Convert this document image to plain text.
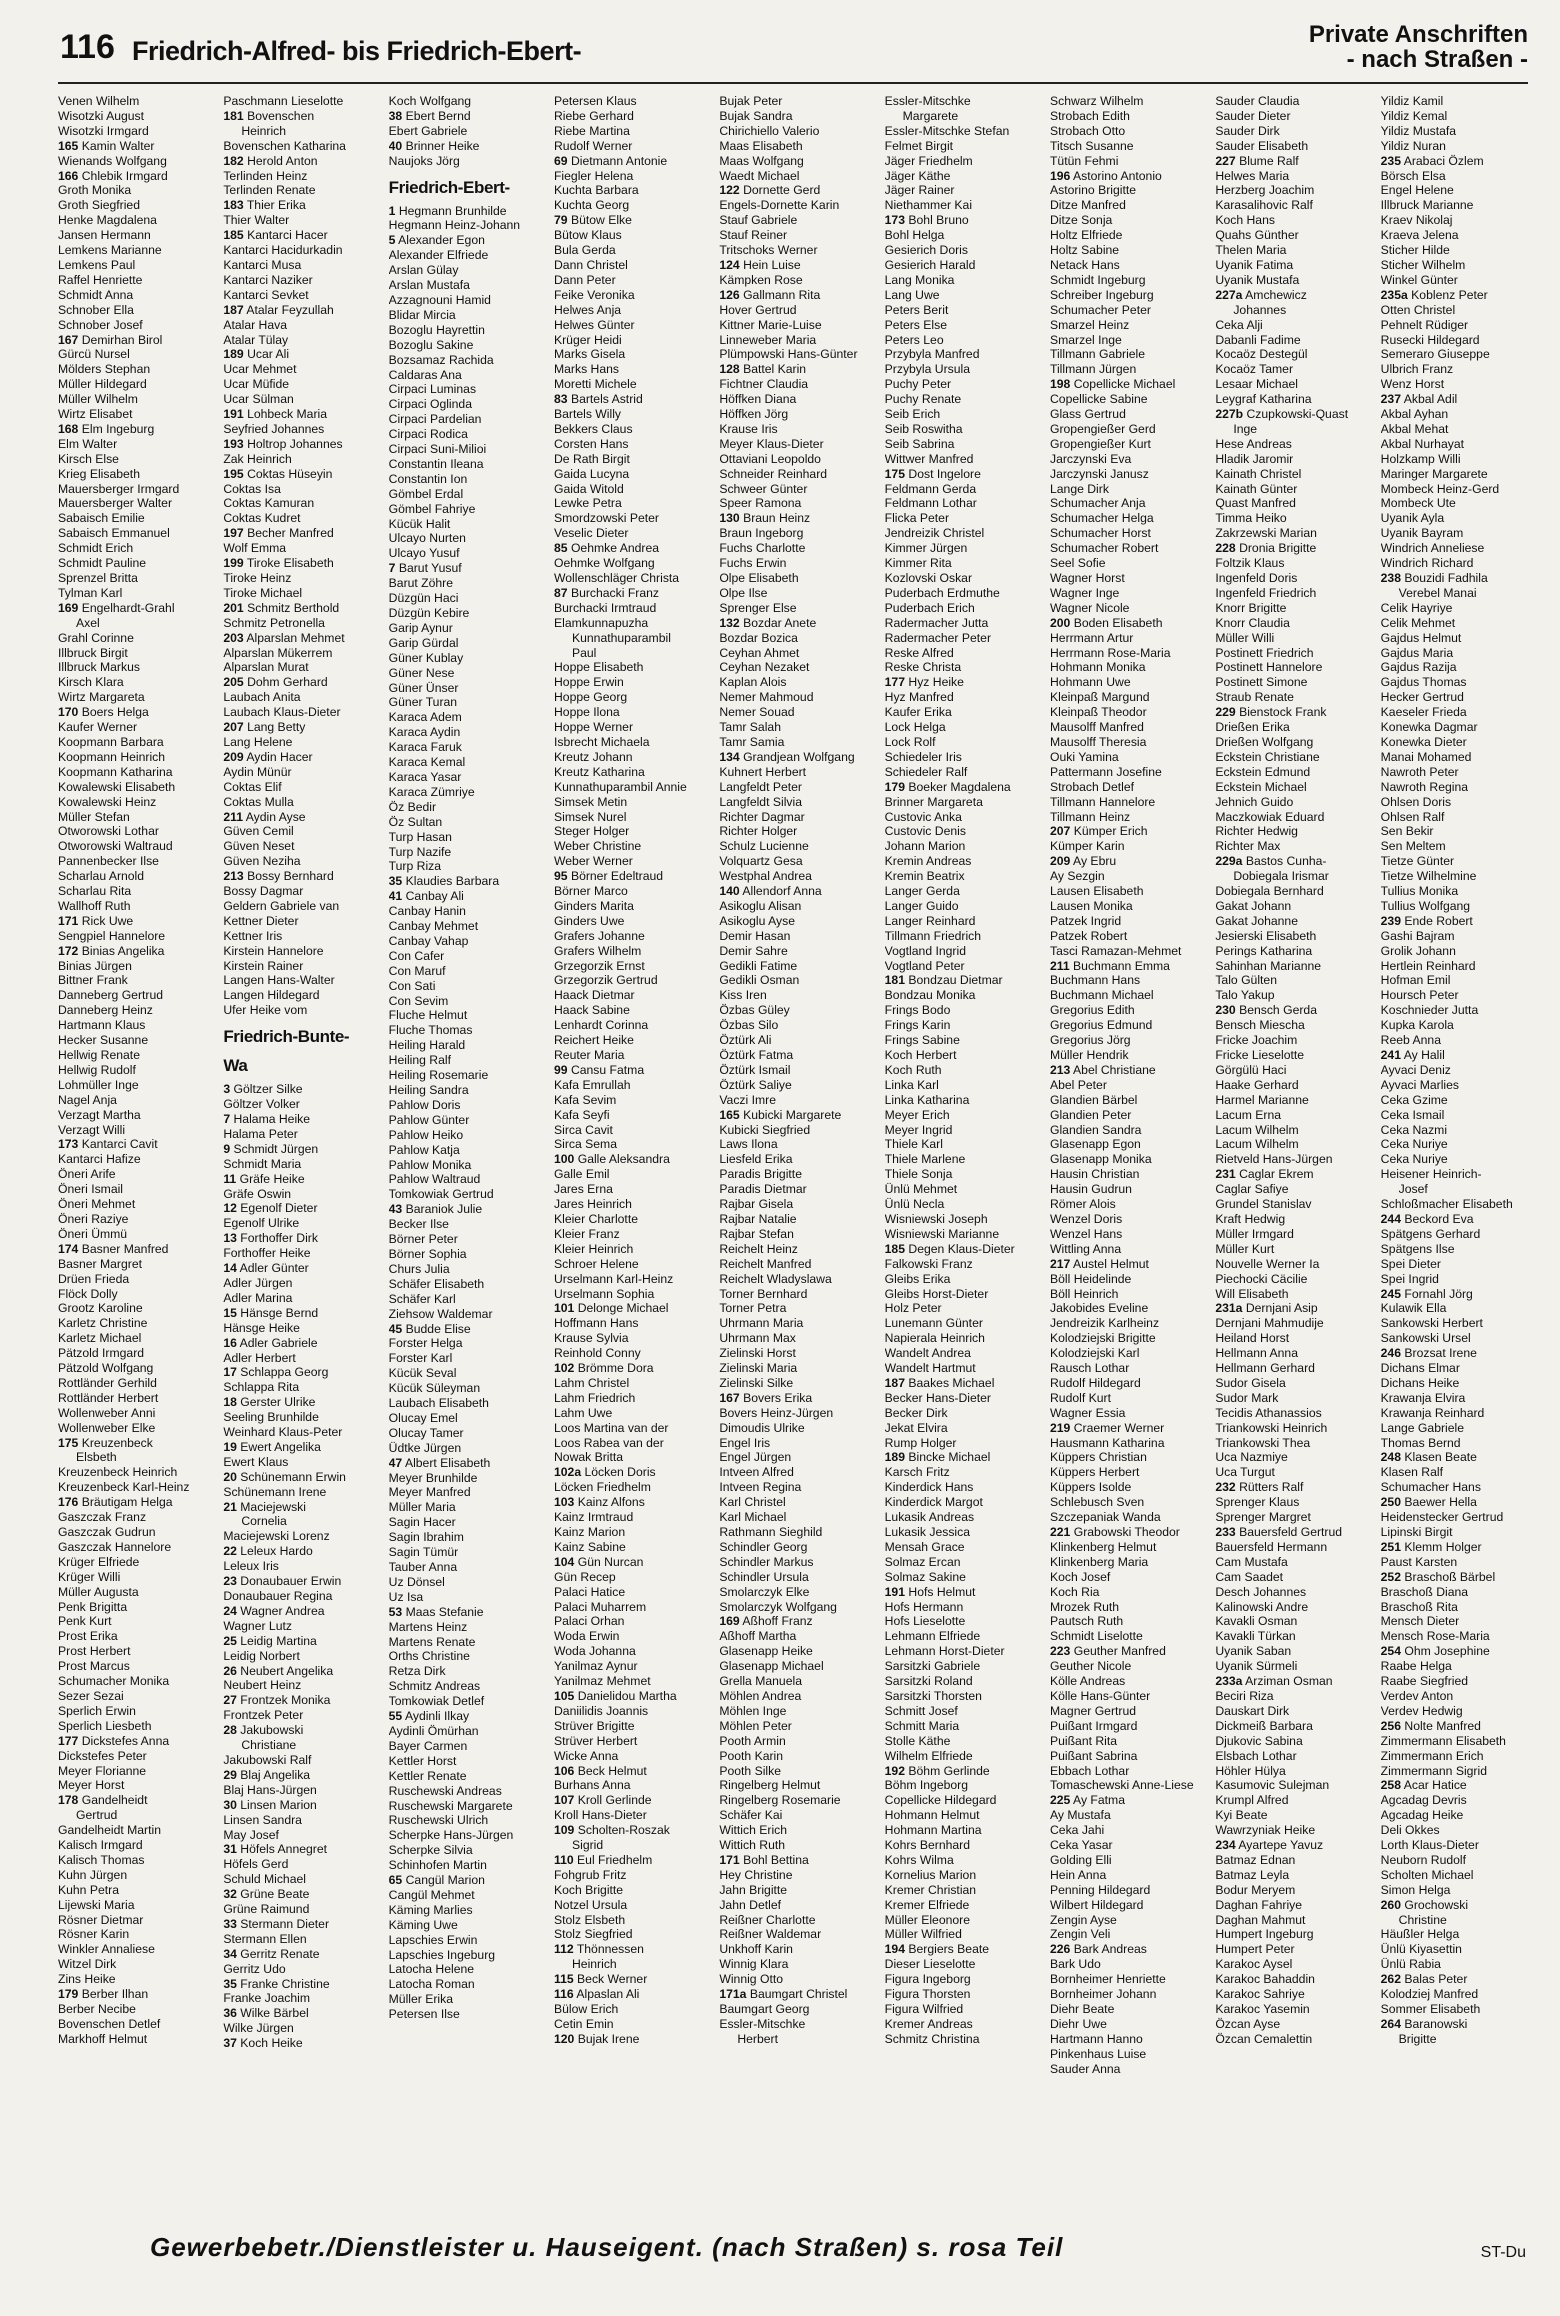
116 Friedrich-Alfred- bis Friedrich-Ebert-
Private Anschriften
- nach Straßen -
Venen Wilhelm
Wisotzki August
Wisotzki Irmgard
165 Kamin Walter
Wienands Wolfgang
166 Chlebik Irmgard
Groth Monika
Groth Siegfried
Henke Magdalena
Jansen Hermann
Lemkens Marianne
Lemkens Paul
Raffel Henriette
Schmidt Anna
Schnober Ella
Schnober Josef
167 Demirhan Birol
Gürcü Nursel
Mölders Stephan
Müller Hildegard
Müller Wilhelm
Wirtz Elisabet
168 Elm Ingeburg
Elm Walter
Kirsch Else
Krieg Elisabeth
Mauersberger Irmgard
Mauersberger Walter
Sabaisch Emilie
Sabaisch Emmanuel
Schmidt Erich
Schmidt Pauline
Sprenzel Britta
Tylman Karl
169 Engelhardt-Grahl
Axel
Grahl Corinne
Illbruck Birgit
Illbruck Markus
Kirsch Klara
Wirtz Margareta
170 Boers Helga
Kaufer Werner
Koopmann Barbara
Koopmann Heinrich
Koopmann Katharina
Kowalewski Elisabeth
Kowalewski Heinz
Müller Stefan
Otworowski Lothar
Otworowski Waltraud
Pannenbecker Ilse
Scharlau Arnold
Scharlau Rita
Wallhoff Ruth
171 Rick Uwe
Sengpiel Hannelore
172 Binias Angelika
Binias Jürgen
Bittner Frank
Danneberg Gertrud
Danneberg Heinz
Hartmann Klaus
Hecker Susanne
Hellwig Renate
Hellwig Rudolf
Lohmüller Inge
Nagel Anja
Verzagt Martha
Verzagt Willi
173 Kantarci Cavit
Kantarci Hafize
Öneri Arife
Öneri Ismail
Öneri Mehmet
Öneri Raziye
Öneri Ümmü
174 Basner Manfred
Basner Margret
Drüen Frieda
Flöck Dolly
Grootz Karoline
Karletz Christine
Karletz Michael
Pätzold Irmgard
Pätzold Wolfgang
Rottländer Gerhild
Rottländer Herbert
Wollenweber Anni
Wollenweber Elke
175 Kreuzenbeck
Elsbeth
Kreuzenbeck Heinrich
Kreuzenbeck Karl-Heinz
176 Bräutigam Helga
Gaszczak Franz
Gaszczak Gudrun
Gaszczak Hannelore
Krüger Elfriede
Krüger Willi
Müller Augusta
Penk Brigitta
Penk Kurt
Prost Erika
Prost Herbert
Prost Marcus
Schumacher Monika
Sezer Sezai
Sperlich Erwin
Sperlich Liesbeth
177 Dickstefes Anna
Dickstefes Peter
Meyer Florianne
Meyer Horst
178 Gandelheidt
Gertrud
Gandelheidt Martin
Kalisch Irmgard
Kalisch Thomas
Kuhn Jürgen
Kuhn Petra
Lijewski Maria
Rösner Dietmar
Rösner Karin
Winkler Annaliese
Witzel Dirk
Zins Heike
179 Berber Ilhan
Berber Necibe
Bovenschen Detlef
Markhoff Helmut
Paschmann Lieselotte
181 Bovenschen
Heinrich
Bovenschen Katharina
182 Herold Anton
Terlinden Heinz
Terlinden Renate
183 Thier Erika
Thier Walter
185 Kantarci Hacer
Kantarci Hacidurkadin
Kantarci Musa
Kantarci Naziker
Kantarci Sevket
187 Atalar Feyzullah
Atalar Hava
Atalar Tülay
189 Ucar Ali
Ucar Mehmet
Ucar Müfide
Ucar Sülman
191 Lohbeck Maria
Seyfried Johannes
193 Holtrop Johannes
Zak Heinrich
195 Coktas Hüseyin
Coktas Isa
Coktas Kamuran
Coktas Kudret
197 Becher Manfred
Wolf Emma
199 Tiroke Elisabeth
Tiroke Heinz
Tiroke Michael
201 Schmitz Berthold
Schmitz Petronella
203 Alparslan Mehmet
Alparslan Mükerrem
Alparslan Murat
205 Dohm Gerhard
Laubach Anita
Laubach Klaus-Dieter
207 Lang Betty
Lang Helene
209 Aydin Hacer
Aydin Münür
Coktas Elif
Coktas Mulla
211 Aydin Ayse
Güven Cemil
Güven Neset
Güven Neziha
213 Bossy Bernhard
Bossy Dagmar
Geldern Gabriele van
Kettner Dieter
Kettner Iris
Kirstein Hannelore
Kirstein Rainer
Langen Hans-Walter
Langen Hildegard
Ufer Heike vom
Friedrich-Bunte-
Wa
3 Göltzer Silke
Göltzer Volker
7 Halama Heike
Halama Peter
9 Schmidt Jürgen
Schmidt Maria
11 Gräfe Heike
Gräfe Oswin
12 Egenolf Dieter
Egenolf Ulrike
13 Forthoffer Dirk
Forthoffer Heike
14 Adler Günter
Adler Jürgen
Adler Marina
15 Hänsge Bernd
Hänsge Heike
16 Adler Gabriele
Adler Herbert
17 Schlappa Georg
Schlappa Rita
18 Gerster Ulrike
Seeling Brunhilde
Weinhard Klaus-Peter
19 Ewert Angelika
Ewert Klaus
20 Schünemann Erwin
Schünemann Irene
21 Maciejewski
Cornelia
Maciejewski Lorenz
22 Leleux Hardo
Leleux Iris
23 Donaubauer Erwin
Donaubauer Regina
24 Wagner Andrea
Wagner Lutz
25 Leidig Martina
Leidig Norbert
26 Neubert Angelika
Neubert Heinz
27 Frontzek Monika
Frontzek Peter
28 Jakubowski
Christiane
Jakubowski Ralf
29 Blaj Angelika
Blaj Hans-Jürgen
30 Linsen Marion
Linsen Sandra
May Josef
31 Höfels Annegret
Höfels Gerd
Schuld Michael
32 Grüne Beate
Grüne Raimund
33 Stermann Dieter
Stermann Ellen
34 Gerritz Renate
Gerritz Udo
35 Franke Christine
Franke Joachim
36 Wilke Bärbel
Wilke Jürgen
37 Koch Heike
Koch Wolfgang
38 Ebert Bernd
Ebert Gabriele
40 Brinner Heike
Naujoks Jörg
Friedrich-Ebert-
1 Hegmann Brunhilde
Hegmann Heinz-Johann
5 Alexander Egon
Alexander Elfriede
Arslan Gülay
Arslan Mustafa
Azzagnouni Hamid
Blidar Mircia
Bozoglu Hayrettin
Bozoglu Sakine
Bozsamaz Rachida
Caldaras Ana
Cirpaci Luminas
Cirpaci Oglinda
Cirpaci Pardelian
Cirpaci Rodica
Cirpaci Suni-Milioi
Constantin Ileana
Constantin Ion
Gömbel Erdal
Gömbel Fahriye
Kücük Halit
Ulcayo Nurten
Ulcayo Yusuf
7 Barut Yusuf
Barut Zöhre
Düzgün Haci
Düzgün Kebire
Garip Aynur
Garip Gürdal
Güner Kublay
Güner Nese
Güner Ünser
Güner Turan
Karaca Adem
Karaca Aydin
Karaca Faruk
Karaca Kemal
Karaca Yasar
Karaca Zümriye
Öz Bedir
Öz Sultan
Turp Hasan
Turp Nazife
Turp Riza
35 Klaudies Barbara
41 Canbay Ali
Canbay Hanin
Canbay Mehmet
Canbay Vahap
Con Cafer
Con Maruf
Con Sati
Con Sevim
Fluche Helmut
Fluche Thomas
Heiling Harald
Heiling Ralf
Heiling Rosemarie
Heiling Sandra
Pahlow Doris
Pahlow Günter
Pahlow Heiko
Pahlow Katja
Pahlow Monika
Pahlow Waltraud
Tomkowiak Gertrud
43 Baraniok Julie
Becker Ilse
Börner Peter
Börner Sophia
Churs Julia
Schäfer Elisabeth
Schäfer Karl
Ziehsow Waldemar
45 Budde Elise
Forster Helga
Forster Karl
Kücük Seval
Kücük Süleyman
Laubach Elisabeth
Olucay Emel
Olucay Tamer
Üdtke Jürgen
47 Albert Elisabeth
Meyer Brunhilde
Meyer Manfred
Müller Maria
Sagin Hacer
Sagin Ibrahim
Sagin Tümür
Tauber Anna
Uz Dönsel
Uz Isa
53 Maas Stefanie
Martens Heinz
Martens Renate
Orths Christine
Retza Dirk
Schmitz Andreas
Tomkowiak Detlef
55 Aydinli Ilkay
Aydinli Ömürhan
Bayer Carmen
Kettler Horst
Kettler Renate
Ruschewski Andreas
Ruschewski Margarete
Ruschewski Ulrich
Scherpke Hans-Jürgen
Scherpke Silvia
Schinhofen Martin
65 Cangül Marion
Cangül Mehmet
Käming Marlies
Käming Uwe
Lapschies Erwin
Lapschies Ingeburg
Latocha Helene
Latocha Roman
Müller Erika
Petersen Ilse
Petersen Klaus
Riebe Gerhard
Riebe Martina
Rudolf Werner
69 Dietmann Antonie
Fiegler Helena
Kuchta Barbara
Kuchta Georg
79 Bütow Elke
Bütow Klaus
Bula Gerda
Dann Christel
Dann Peter
Feike Veronika
Helwes Anja
Helwes Günter
Krüger Heidi
Marks Gisela
Marks Hans
Moretti Michele
83 Bartels Astrid
Bartels Willy
Bekkers Claus
Corsten Hans
De Rath Birgit
Gaida Lucyna
Gaida Witold
Lewke Petra
Smordzowski Peter
Veselic Dieter
85 Oehmke Andrea
Oehmke Wolfgang
Wollenschläger Christa
87 Burchacki Franz
Burchacki Irmtraud
Elamkunnapuzha
Kunnathuparambil
Paul
Hoppe Elisabeth
Hoppe Erwin
Hoppe Georg
Hoppe Ilona
Hoppe Werner
Isbrecht Michaela
Kreutz Johann
Kreutz Katharina
Kunnathuparambil Annie
Simsek Metin
Simsek Nurel
Steger Holger
Weber Christine
Weber Werner
95 Börner Edeltraud
Börner Marco
Ginders Marita
Ginders Uwe
Grafers Johanne
Grafers Wilhelm
Grzegorzik Ernst
Grzegorzik Gertrud
Haack Dietmar
Haack Sabine
Lenhardt Corinna
Reichert Heike
Reuter Maria
99 Cansu Fatma
Kafa Emrullah
Kafa Sevim
Kafa Seyfi
Sirca Cavit
Sirca Sema
100 Galle Aleksandra
Galle Emil
Jares Erna
Jares Heinrich
Kleier Charlotte
Kleier Franz
Kleier Heinrich
Schroer Helene
Urselmann Karl-Heinz
Urselmann Sophia
101 Delonge Michael
Hoffmann Hans
Krause Sylvia
Reinhold Conny
102 Brömme Dora
Lahm Christel
Lahm Friedrich
Lahm Uwe
Loos Martina van der
Loos Rabea van der
Nowak Britta
102a Löcken Doris
Löcken Friedhelm
103 Kainz Alfons
Kainz Irmtraud
Kainz Marion
Kainz Sabine
104 Gün Nurcan
Gün Recep
Palaci Hatice
Palaci Muharrem
Palaci Orhan
Woda Erwin
Woda Johanna
Yanilmaz Aynur
Yanilmaz Mehmet
105 Danielidou Martha
Daniilidis Joannis
Strüver Brigitte
Strüver Herbert
Wicke Anna
106 Beck Helmut
Burhans Anna
107 Kroll Gerlinde
Kroll Hans-Dieter
109 Scholten-Roszak
Sigrid
110 Eul Friedhelm
Fohgrub Fritz
Koch Brigitte
Notzel Ursula
Stolz Elsbeth
Stolz Siegfried
112 Thönnessen
Heinrich
115 Beck Werner
116 Alpaslan Ali
Bülow Erich
Cetin Emin
120 Bujak Irene
Bujak Peter
Bujak Sandra
Chirichiello Valerio
Maas Elisabeth
Maas Wolfgang
Waedt Michael
122 Dornette Gerd
Engels-Dornette Karin
Stauf Gabriele
Stauf Reiner
Tritschoks Werner
124 Hein Luise
Kämpken Rose
126 Gallmann Rita
Hover Gertrud
Kittner Marie-Luise
Linneweber Maria
Plümpowski Hans-Günter
128 Battel Karin
Fichtner Claudia
Höffken Diana
Höffken Jörg
Krause Iris
Meyer Klaus-Dieter
Ottaviani Leopoldo
Schneider Reinhard
Schweer Günter
Speer Ramona
130 Braun Heinz
Braun Ingeborg
Fuchs Charlotte
Fuchs Erwin
Olpe Elisabeth
Olpe Ilse
Sprenger Else
132 Bozdar Anete
Bozdar Bozica
Ceyhan Ahmet
Ceyhan Nezaket
Kaplan Alois
Nemer Mahmoud
Nemer Souad
Tamr Salah
Tamr Samia
134 Grandjean Wolfgang
Kuhnert Herbert
Langfeldt Peter
Langfeldt Silvia
Richter Dagmar
Richter Holger
Schulz Lucienne
Volquartz Gesa
Westphal Andrea
140 Allendorf Anna
Asikoglu Alisan
Asikoglu Ayse
Demir Hasan
Demir Sahre
Gedikli Fatime
Gedikli Osman
Kiss Iren
Özbas Güley
Özbas Silo
Öztürk Ali
Öztürk Fatma
Öztürk Ismail
Öztürk Saliye
Vaczi Imre
165 Kubicki Margarete
Kubicki Siegfried
Laws Ilona
Liesfeld Erika
Paradis Brigitte
Paradis Dietmar
Rajbar Gisela
Rajbar Natalie
Rajbar Stefan
Reichelt Heinz
Reichelt Manfred
Reichelt Wladyslawa
Torner Bernhard
Torner Petra
Uhrmann Maria
Uhrmann Max
Zielinski Horst
Zielinski Maria
Zielinski Silke
167 Bovers Erika
Bovers Heinz-Jürgen
Dimoudis Ulrike
Engel Iris
Engel Jürgen
Intveen Alfred
Intveen Regina
Karl Christel
Karl Michael
Rathmann Sieghild
Schindler Georg
Schindler Markus
Schindler Ursula
Smolarczyk Elke
Smolarczyk Wolfgang
169 Aßhoff Franz
Aßhoff Martha
Glasenapp Heike
Glasenapp Michael
Grella Manuela
Möhlen Andrea
Möhlen Inge
Möhlen Peter
Pooth Armin
Pooth Karin
Pooth Silke
Ringelberg Helmut
Ringelberg Rosemarie
Schäfer Kai
Wittich Erich
Wittich Ruth
171 Bohl Bettina
Hey Christine
Jahn Brigitte
Jahn Detlef
Reißner Charlotte
Reißner Waldemar
Unkhoff Karin
Winnig Klara
Winnig Otto
171a Baumgart Christel
Baumgart Georg
Essler-Mitschke
Herbert
Essler-Mitschke
Margarete
Essler-Mitschke Stefan
Felmet Birgit
Jäger Friedhelm
Jäger Käthe
Jäger Rainer
Niethammer Kai
173 Bohl Bruno
Bohl Helga
Gesierich Doris
Gesierich Harald
Lang Monika
Lang Uwe
Peters Berit
Peters Else
Peters Leo
Przybyla Manfred
Przybyla Ursula
Puchy Peter
Puchy Renate
Seib Erich
Seib Roswitha
Seib Sabrina
Wittwer Manfred
175 Dost Ingelore
Feldmann Gerda
Feldmann Lothar
Flicka Peter
Jendreizik Christel
Kimmer Jürgen
Kimmer Rita
Kozlovski Oskar
Puderbach Erdmuthe
Puderbach Erich
Radermacher Jutta
Radermacher Peter
Reske Alfred
Reske Christa
177 Hyz Heike
Hyz Manfred
Kaufer Erika
Lock Helga
Lock Rolf
Schiedeler Iris
Schiedeler Ralf
179 Boeker Magdalena
Brinner Margareta
Custovic Anka
Custovic Denis
Johann Marion
Kremin Andreas
Kremin Beatrix
Langer Gerda
Langer Guido
Langer Reinhard
Tillmann Friedrich
Vogtland Ingrid
Vogtland Peter
181 Bondzau Dietmar
Bondzau Monika
Frings Bodo
Frings Karin
Frings Sabine
Koch Herbert
Koch Ruth
Linka Karl
Linka Katharina
Meyer Erich
Meyer Ingrid
Thiele Karl
Thiele Marlene
Thiele Sonja
Ünlü Mehmet
Ünlü Necla
Wisniewski Joseph
Wisniewski Marianne
185 Degen Klaus-Dieter
Falkowski Franz
Gleibs Erika
Gleibs Horst-Dieter
Holz Peter
Lunemann Günter
Napierala Heinrich
Wandelt Andrea
Wandelt Hartmut
187 Baakes Michael
Becker Hans-Dieter
Becker Dirk
Jekat Elvira
Rump Holger
189 Bincke Michael
Karsch Fritz
Kinderdick Hans
Kinderdick Margot
Lukasik Andreas
Lukasik Jessica
Mensah Grace
Solmaz Ercan
Solmaz Sakine
191 Hofs Helmut
Hofs Hermann
Hofs Lieselotte
Lehmann Elfriede
Lehmann Horst-Dieter
Sarsitzki Gabriele
Sarsitzki Roland
Sarsitzki Thorsten
Schmitt Josef
Schmitt Maria
Stolle Käthe
Wilhelm Elfriede
192 Böhm Gerlinde
Böhm Ingeborg
Copellicke Hildegard
Hohmann Helmut
Hohmann Martina
Kohrs Bernhard
Kohrs Wilma
Kornelius Marion
Kremer Christian
Kremer Elfriede
Müller Eleonore
Müller Wilfried
194 Bergiers Beate
Dieser Lieselotte
Figura Ingeborg
Figura Thorsten
Figura Wilfried
Kremer Andreas
Schmitz Christina
Schwarz Wilhelm
Strobach Edith
Strobach Otto
Titsch Susanne
Tütün Fehmi
196 Astorino Antonio
Astorino Brigitte
Ditze Manfred
Ditze Sonja
Holtz Elfriede
Holtz Sabine
Netack Hans
Schmidt Ingeburg
Schreiber Ingeburg
Schumacher Peter
Smarzel Heinz
Smarzel Inge
Tillmann Gabriele
Tillmann Jürgen
198 Copellicke Michael
Copellicke Sabine
Glass Gertrud
Gropengießer Gerd
Gropengießer Kurt
Jarczynski Eva
Jarczynski Janusz
Lange Dirk
Schumacher Anja
Schumacher Helga
Schumacher Horst
Schumacher Robert
Seel Sofie
Wagner Horst
Wagner Inge
Wagner Nicole
200 Boden Elisabeth
Herrmann Artur
Herrmann Rose-Maria
Hohmann Monika
Hohmann Uwe
Kleinpaß Margund
Kleinpaß Theodor
Mausolff Manfred
Mausolff Theresia
Ouki Yamina
Pattermann Josefine
Strobach Detlef
Tillmann Hannelore
Tillmann Heinz
207 Kümper Erich
Kümper Karin
209 Ay Ebru
Ay Sezgin
Lausen Elisabeth
Lausen Monika
Patzek Ingrid
Patzek Robert
Tasci Ramazan-Mehmet
211 Buchmann Emma
Buchmann Hans
Buchmann Michael
Gregorius Edith
Gregorius Edmund
Gregorius Jörg
Müller Hendrik
213 Abel Christiane
Abel Peter
Glandien Bärbel
Glandien Peter
Glandien Sandra
Glasenapp Egon
Glasenapp Monika
Hausin Christian
Hausin Gudrun
Römer Alois
Wenzel Doris
Wenzel Hans
Wittling Anna
217 Austel Helmut
Böll Heidelinde
Böll Heinrich
Jakobides Eveline
Jendreizik Karlheinz
Kolodziejski Brigitte
Kolodziejski Karl
Rausch Lothar
Rudolf Hildegard
Rudolf Kurt
Wagner Essia
219 Craemer Werner
Hausmann Katharina
Küppers Christian
Küppers Herbert
Küppers Isolde
Schlebusch Sven
Szczepaniak Wanda
221 Grabowski Theodor
Klinkenberg Helmut
Klinkenberg Maria
Koch Josef
Koch Ria
Mrozek Ruth
Pautsch Ruth
Schmidt Liselotte
223 Geuther Manfred
Geuther Nicole
Kölle Andreas
Kölle Hans-Günter
Magner Gertrud
Puißant Irmgard
Puißant Rita
Puißant Sabrina
Ebbach Lothar
Tomaschewski Anne-Liese
225 Ay Fatma
Ay Mustafa
Ceka Jahi
Ceka Yasar
Golding Elli
Hein Anna
Penning Hildegard
Wilbert Hildegard
Zengin Ayse
Zengin Veli
226 Bark Andreas
Bark Udo
Bornheimer Henriette
Bornheimer Johann
Diehr Beate
Diehr Uwe
Hartmann Hanno
Pinkenhaus Luise
Sauder Anna
Sauder Claudia
Sauder Dieter
Sauder Dirk
Sauder Elisabeth
227 Blume Ralf
Helwes Maria
Herzberg Joachim
Karasalihovic Ralf
Koch Hans
Quahs Günther
Thelen Maria
Uyanik Fatima
Uyanik Mustafa
227a Amchewicz
Johannes
Ceka Alji
Dabanli Fadime
Kocaöz Destegül
Kocaöz Tamer
Lesaar Michael
Leygraf Katharina
227b Czupkowski-Quast
Inge
Hese Andreas
Hladik Jaromir
Kainath Christel
Kainath Günter
Quast Manfred
Timma Heiko
Zakrzewski Marian
228 Dronia Brigitte
Foltzik Klaus
Ingenfeld Doris
Ingenfeld Friedrich
Knorr Brigitte
Knorr Claudia
Müller Willi
Postinett Friedrich
Postinett Hannelore
Postinett Simone
Straub Renate
229 Bienstock Frank
Drießen Erika
Drießen Wolfgang
Eckstein Christiane
Eckstein Edmund
Eckstein Michael
Jehnich Guido
Maczkowiak Eduard
Richter Hedwig
Richter Max
229a Bastos Cunha-
Dobiegala Irismar
Dobiegala Bernhard
Gakat Johann
Gakat Johanne
Jesierski Elisabeth
Perings Katharina
Sahinhan Marianne
Talo Gülten
Talo Yakup
230 Bensch Gerda
Bensch Miescha
Fricke Joachim
Fricke Lieselotte
Görgülü Haci
Haake Gerhard
Harmel Marianne
Lacum Erna
Lacum Wilhelm
Lacum Wilhelm
Rietveld Hans-Jürgen
231 Caglar Ekrem
Caglar Safiye
Grundel Stanislav
Kraft Hedwig
Müller Irmgard
Müller Kurt
Nouvelle Werner Ia
Piechocki Cäcilie
Will Elisabeth
231a Dernjani Asip
Dernjani Mahmudije
Heiland Horst
Hellmann Anna
Hellmann Gerhard
Sudor Gisela
Sudor Mark
Tecidis Athanassios
Triankowski Heinrich
Triankowski Thea
Uca Nazmiye
Uca Turgut
232 Rütters Ralf
Sprenger Klaus
Sprenger Margret
233 Bauersfeld Gertrud
Bauersfeld Hermann
Cam Mustafa
Cam Saadet
Desch Johannes
Kalinowski Andre
Kavakli Osman
Kavakli Türkan
Uyanik Saban
Uyanik Sürmeli
233a Arziman Osman
Beciri Riza
Dauskart Dirk
Dickmeiß Barbara
Djukovic Sabina
Elsbach Lothar
Höhler Hülya
Kasumovic Sulejman
Krumpl Alfred
Kyi Beate
Wawrzyniak Heike
234 Ayartepe Yavuz
Batmaz Ednan
Batmaz Leyla
Bodur Meryem
Daghan Fahriye
Daghan Mahmut
Humpert Ingeburg
Humpert Peter
Karakoc Aysel
Karakoc Bahaddin
Karakoc Sahriye
Karakoc Yasemin
Özcan Ayse
Özcan Cemalettin
Yildiz Kamil
Yildiz Kemal
Yildiz Mustafa
Yildiz Nuran
235 Arabaci Özlem
Börsch Elsa
Engel Helene
Illbruck Marianne
Kraev Nikolaj
Kraeva Jelena
Sticher Hilde
Sticher Wilhelm
Winkel Günter
235a Koblenz Peter
Otten Christel
Pehnelt Rüdiger
Rusecki Hildegard
Semeraro Giuseppe
Ulbrich Franz
Wenz Horst
237 Akbal Adil
Akbal Ayhan
Akbal Mehat
Akbal Nurhayat
Holzkamp Willi
Maringer Margarete
Mombeck Heinz-Gerd
Mombeck Ute
Uyanik Ayla
Uyanik Bayram
Windrich Anneliese
Windrich Richard
238 Bouzidi Fadhila
Verebel Manai
Celik Hayriye
Celik Mehmet
Gajdus Helmut
Gajdus Maria
Gajdus Razija
Gajdus Thomas
Hecker Gertrud
Kaeseler Frieda
Konewka Dagmar
Konewka Dieter
Manai Mohamed
Nawroth Peter
Nawroth Regina
Ohlsen Doris
Ohlsen Ralf
Sen Bekir
Sen Meltem
Tietze Günter
Tietze Wilhelmine
Tullius Monika
Tullius Wolfgang
239 Ende Robert
Gashi Bajram
Grolik Johann
Hertlein Reinhard
Hofman Emil
Hoursch Peter
Koschnieder Jutta
Kupka Karola
Reeb Anna
241 Ay Halil
Ayvaci Deniz
Ayvaci Marlies
Ceka Gzime
Ceka Ismail
Ceka Nazmi
Ceka Nuriye
Ceka Nuriye
Heisener Heinrich-
Josef
Schloßmacher Elisabeth
244 Beckord Eva
Spätgens Gerhard
Spätgens Ilse
Spei Dieter
Spei Ingrid
245 Fornahl Jörg
Kulawik Ella
Sankowski Herbert
Sankowski Ursel
246 Brozsat Irene
Dichans Elmar
Dichans Heike
Krawanja Elvira
Krawanja Reinhard
Lange Gabriele
Thomas Bernd
248 Klasen Beate
Klasen Ralf
Schumacher Hans
250 Baewer Hella
Heidenstecker Gertrud
Lipinski Birgit
251 Klemm Holger
Paust Karsten
252 Braschoß Bärbel
Braschoß Diana
Braschoß Rita
Mensch Dieter
Mensch Rose-Maria
254 Ohm Josephine
Raabe Helga
Raabe Siegfried
Verdev Anton
Verdev Hedwig
256 Nolte Manfred
Zimmermann Elisabeth
Zimmermann Erich
Zimmermann Sigrid
258 Acar Hatice
Agcadag Devris
Agcadag Heike
Deli Okkes
Lorth Klaus-Dieter
Neuborn Rudolf
Scholten Michael
Simon Helga
260 Grochowski
Christine
Häußler Helga
Ünlü Kiyasettin
Ünlü Rabia
262 Balas Peter
Kolodziej Manfred
Sommer Elisabeth
264 Baranowski
Brigitte
Gewerbebetr./Dienstleister u. Hauseigent. (nach Straßen) s. rosa Teil	ST-Du
